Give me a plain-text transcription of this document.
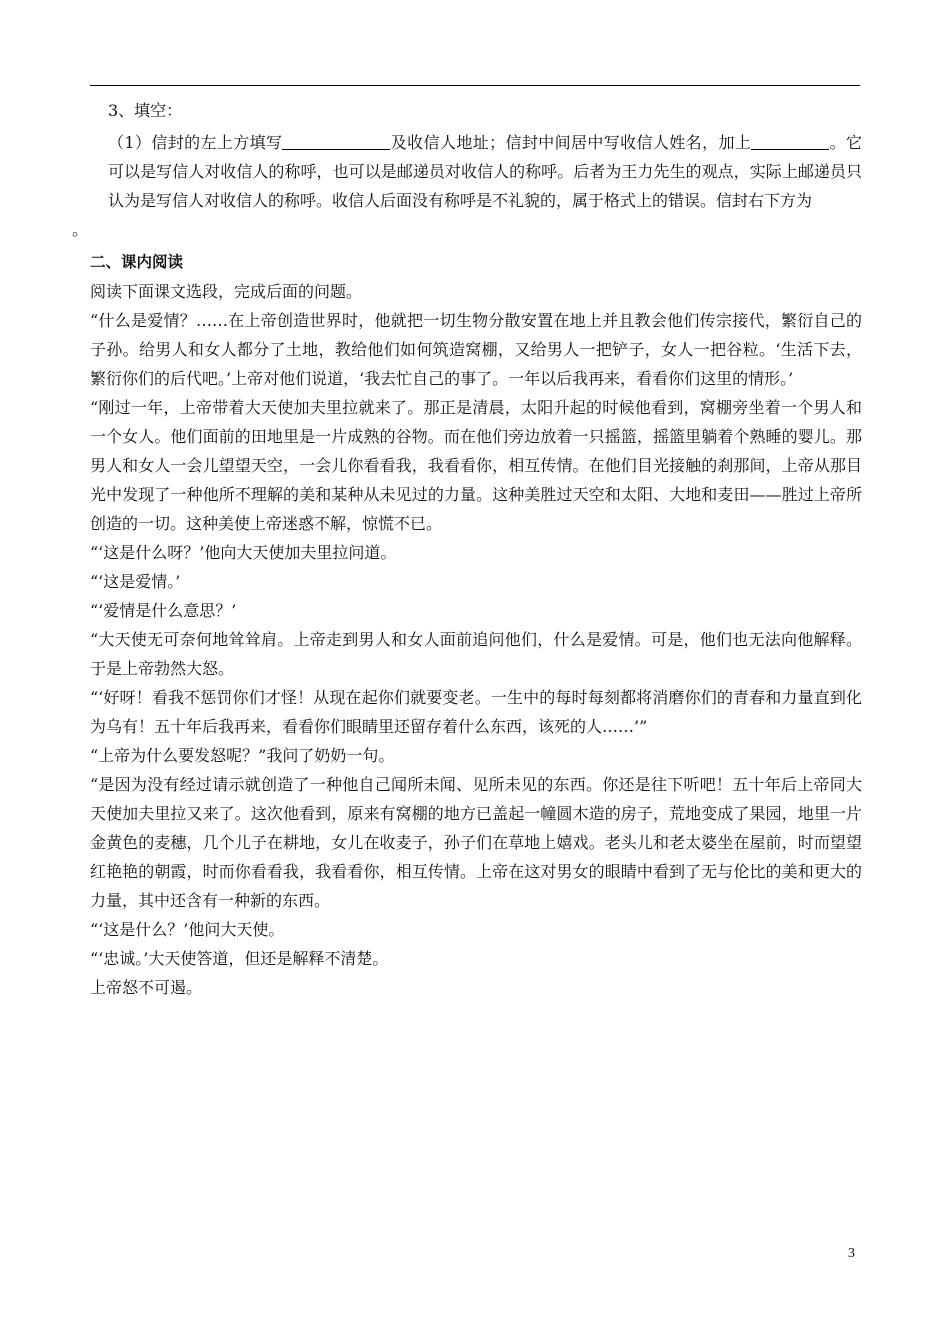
3、填空：

（1）信封的左上方填写	及收信人地址；信封中间居中写收信人姓名，加上	。它可以是写信人对收信人的称呼，也可以是邮递员对收信人的称呼。后者为王力先生的观点，实际上邮递员只认为是写信人对收信人的称呼。收信人后面没有称呼是不礼貌的，属于格式上的错误。信封右下方为

。

二、课内阅读

阅读下面课文选段，完成后面的问题。

“什么是爱情？……在上帝创造世界时，他就把一切生物分散安置在地上并且教会他们传宗接代，繁衍自己的子孙。给男人和女人都分了土地，教给他们如何筑造窝棚，又给男人一把铲子，女人一把谷粒。‘生活下去，繁衍你们的后代吧。’上帝对他们说道，‘我去忙自己的事了。一年以后我再来，看看你们这里的情形。’

“刚过一年，上帝带着大天使加夫里拉就来了。那正是清晨，太阳升起的时候他看到，窝棚旁坐着一个男人和一个女人。他们面前的田地里是一片成熟的谷物。而在他们旁边放着一只摇篮，摇篮里躺着个熟睡的婴儿。那男人和女人一会儿望望天空，一会儿你看看我，我看看你，相互传情。在他们目光接触的刹那间，上帝从那目光中发现了一种他所不理解的美和某种从未见过的力量。这种美胜过天空和太阳、大地和麦田——胜过上帝所创造的一切。这种美使上帝迷惑不解，惊慌不已。

“‘这是什么呀？’他向大天使加夫里拉问道。

“‘这是爱情。’

“‘爱情是什么意思？’

“大天使无可奈何地耸耸肩。上帝走到男人和女人面前追问他们，什么是爱情。可是，他们也无法向他解释。于是上帝勃然大怒。

“‘好呀！看我不惩罚你们才怪！从现在起你们就要变老。一生中的每时每刻都将消磨你们的青春和力量直到化为乌有！五十年后我再来，看看你们眼睛里还留存着什么东西，该死的人……’”

“上帝为什么要发怒呢？”我问了奶奶一句。

“是因为没有经过请示就创造了一种他自己闻所未闻、见所未见的东西。你还是往下听吧！五十年后上帝同大天使加夫里拉又来了。这次他看到，原来有窝棚的地方已盖起一幢圆木造的房子，荒地变成了果园，地里一片金黄色的麦穗，几个儿子在耕地，女儿在收麦子，孙子们在草地上嬉戏。老头儿和老太婆坐在屋前，时而望望红艳艳的朝霞，时而你看看我，我看看你，相互传情。上帝在这对男女的眼睛中看到了无与伦比的美和更大的力量，其中还含有一种新的东西。

“‘这是什么？’他问大天使。

“‘忠诚。’大天使答道，但还是解释不清楚。

上帝怒不可遏。

3
